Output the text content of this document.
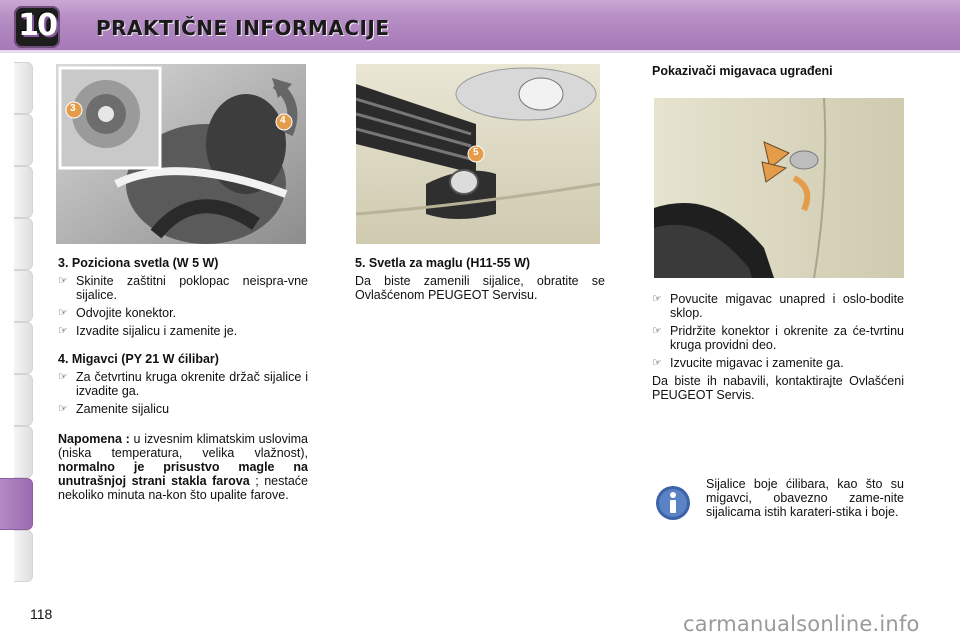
10 PRAKTIČNE INFORMACIJE
3
4
5
3. Poziciona svetla (W 5 W)
☞ Skinite zaštitni poklopac neispra-vne sijalice.
☞ Odvojite konektor.
☞ Izvadite sijalicu i zamenite je.
4. Migavci (PY 21 W ćilibar)
☞ Za četvrtinu kruga okrenite držač sijalice i izvadite ga.
☞ Zamenite sijalicu
Napomena : u izvesnim klimatskim uslovima (niska temperatura, velika vlažnost), normalno je prisustvo magle na unutrašnjoj strani stakla farova ; nestaće nekoliko minuta na-kon što upalite farove.
5. Svetla za maglu (H11-55 W)
Da biste zamenili sijalice, obratite se Ovlašćenom PEUGEOT Servisu.
Pokazivači migavaca ugrađeni
☞ Povucite migavac unapred i oslo-bodite sklop.
☞ Pridržite konektor i okrenite za će-tvrtinu kruga providni deo.
☞ Izvucite migavac i zamenite ga.
Da biste ih nabavili, kontaktirajte Ovlašćeni PEUGEOT Servis.
Sijalice boje ćilibara, kao što su migavci, obavezno zame-nite sijalicama istih karateri-stika i boje.
118	carmanualsonline.info
